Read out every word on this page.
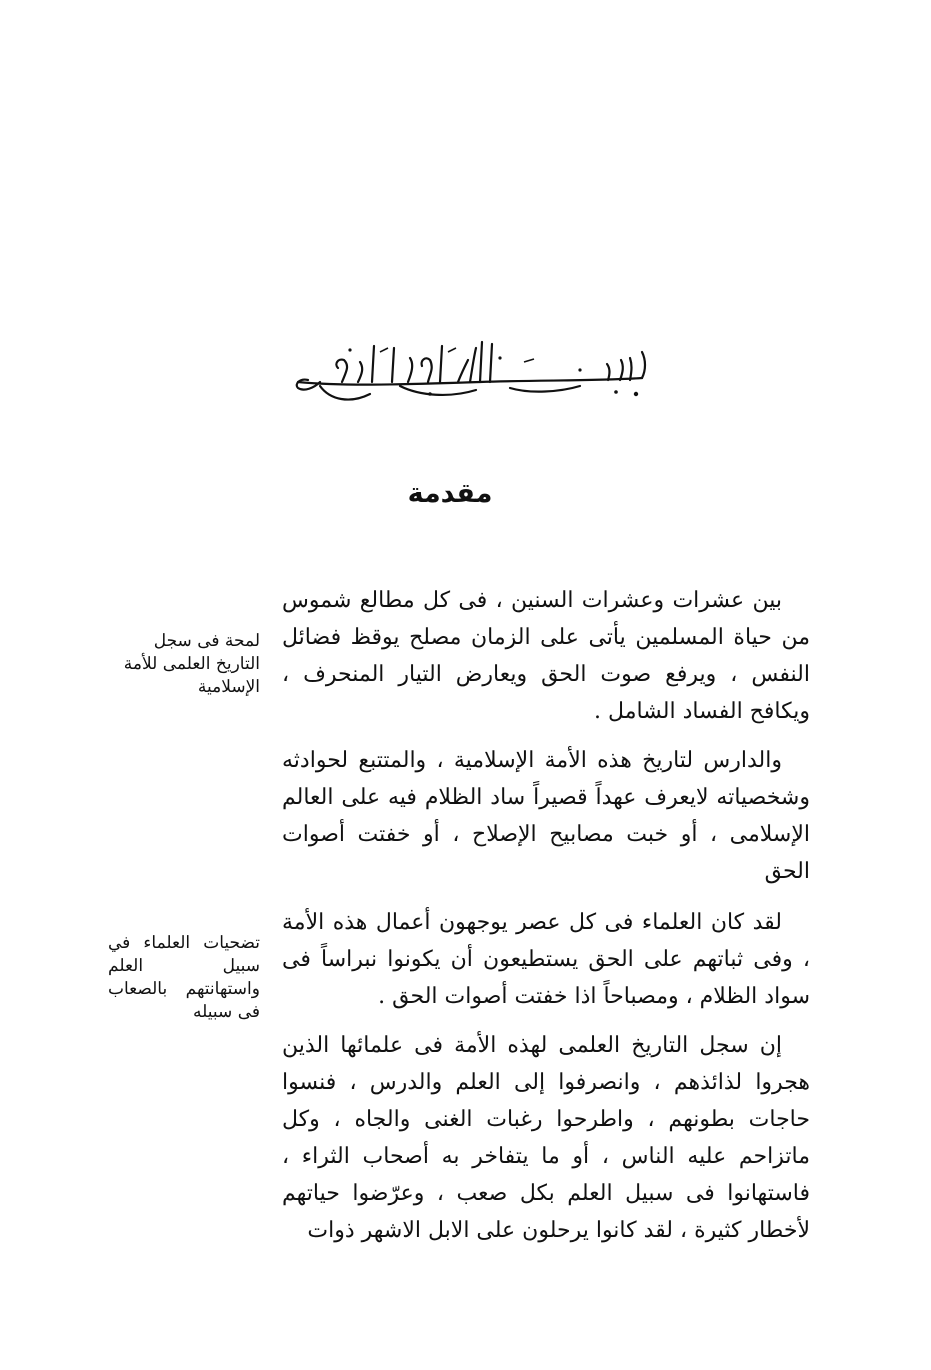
مقدمة
لمحة فى سجل التاريخ العلمى للأمة الإسلامية
تضحيات العلماء في سبيل العلم واستهانتهم بالصعاب فى سبيله

بين عشرات وعشرات السنين ، فى كل مطالع شموس من حياة المسلمين يأتى على الزمان مصلح يوقظ فضائل النفس ، ويرفع صوت الحق ويعارض التيار المنحرف ، ويكافح الفساد الشامل .

والدارس لتاريخ هذه الأمة الإسلامية ، والمتتبع لحوادثه وشخصياته لايعرف عهداً قصيراً ساد الظلام فيه على العالم الإسلامى ، أو خبت مصابيح الإصلاح ، أو خفتت أصوات الحق

لقد كان العلماء فى كل عصر يوجهون أعمال هذه الأمة ، وفى ثباتهم على الحق يستطيعون أن يكونوا نبراساً فى سواد الظلام ، ومصباحاً اذا خفتت أصوات الحق .

إن سجل التاريخ العلمى لهذه الأمة فى علمائها الذين هجروا لذائذهم ، وانصرفوا إلى العلم والدرس ، فنسوا حاجات بطونهم ، واطرحوا رغبات الغنى والجاه ، وكل ماتزاحم عليه الناس ، أو ما يتفاخر به أصحاب الثراء ، فاستهانوا فى سبيل العلم بكل صعب ، وعرّضوا حياتهم لأخطار كثيرة ، لقد كانوا يرحلون على الابل الاشهر ذوات
